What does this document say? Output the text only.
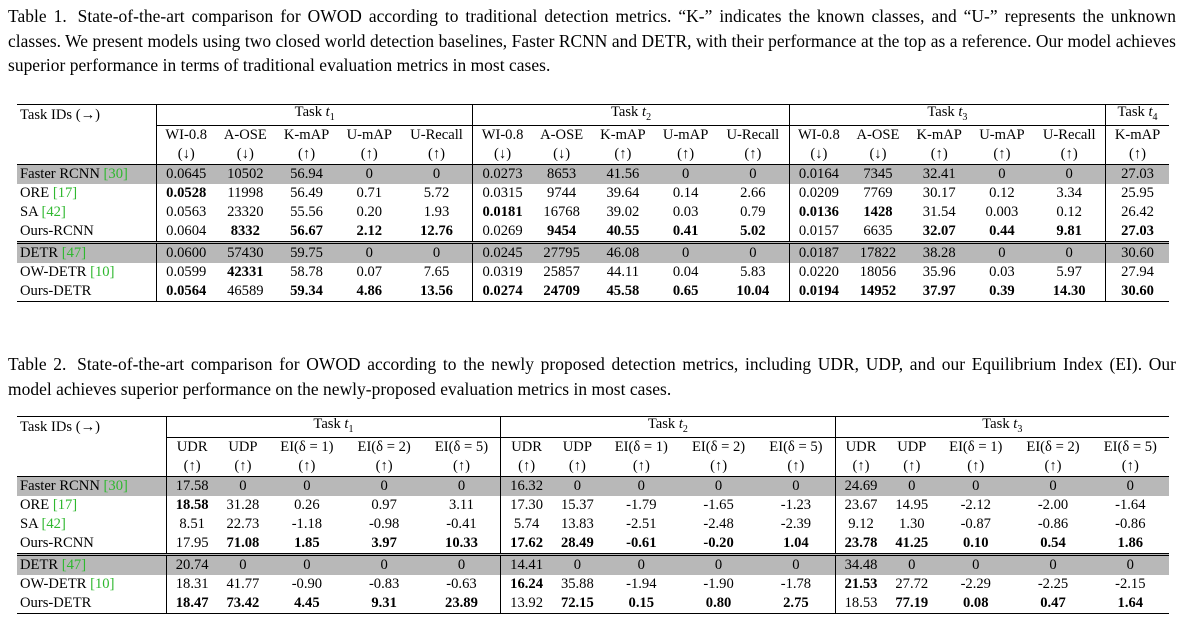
Table 1. State-of-the-art comparison for OWOD according to traditional detection metrics. “K-” indicates the known classes, and “U-” represents the unknown classes. We present models using two closed world detection baselines, Faster RCNN and DETR, with their performance at the top as a reference. Our model achieves superior performance in terms of traditional evaluation metrics in most cases.
Task IDs (→)	Task $t_1$					Task $t_2$					Task $t_3$					Task $t_4$
	WI-0.8	A-OSE	K-mAP	U-mAP	U-Recall	WI-0.8	A-OSE	K-mAP	U-mAP	U-Recall	WI-0.8	A-OSE	K-mAP	U-mAP	U-Recall	K-mAP
	(↓)	(↓)	(↑)	(↑)	(↑)	(↓)	(↓)	(↑)	(↑)	(↑)	(↓)	(↓)	(↑)	(↑)	(↑)	(↑)
Faster RCNN [30]	0.0645	10502	56.94	0	0	0.0273	8653	41.56	0	0	0.0164	7345	32.41	0	0	27.03
ORE [17]	0.0528	11998	56.49	0.71	5.72	0.0315	9744	39.64	0.14	2.66	0.0209	7769	30.17	0.12	3.34	25.95
SA [42]	0.0563	23320	55.56	0.20	1.93	0.0181	16768	39.02	0.03	0.79	0.0136	1428	31.54	0.003	0.12	26.42
Ours-RCNN	0.0604	8332	56.67	2.12	12.76	0.0269	9454	40.55	0.41	5.02	0.0157	6635	32.07	0.44	9.81	27.03
DETR [47]	0.0600	57430	59.75	0	0	0.0245	27795	46.08	0	0	0.0187	17822	38.28	0	0	30.60
OW-DETR [10]	0.0599	42331	58.78	0.07	7.65	0.0319	25857	44.11	0.04	5.83	0.0220	18056	35.96	0.03	5.97	27.94
Ours-DETR	0.0564	46589	59.34	4.86	13.56	0.0274	24709	45.58	0.65	10.04	0.0194	14952	37.97	0.39	14.30	30.60
Table 2. State-of-the-art comparison for OWOD according to the newly proposed detection metrics, including UDR, UDP, and our Equilibrium Index (EI). Our model achieves superior performance on the newly-proposed evaluation metrics in most cases.
Task IDs (→)	Task $t_1$					Task $t_2$					Task $t_3$
	UDR	UDP	EI(δ = 1)	EI(δ = 2)	EI(δ = 5)	UDR	UDP	EI(δ = 1)	EI(δ = 2)	EI(δ = 5)	UDR	UDP	EI(δ = 1)	EI(δ = 2)	EI(δ = 5)
	(↑)	(↑)	(↑)	(↑)	(↑)	(↑)	(↑)	(↑)	(↑)	(↑)	(↑)	(↑)	(↑)	(↑)	(↑)
Faster RCNN [30]	17.58	0	0	0	0	16.32	0	0	0	0	24.69	0	0	0	0
ORE [17]	18.58	31.28	0.26	0.97	3.11	17.30	15.37	-1.79	-1.65	-1.23	23.67	14.95	-2.12	-2.00	-1.64
SA [42]	8.51	22.73	-1.18	-0.98	-0.41	5.74	13.83	-2.51	-2.48	-2.39	9.12	1.30	-0.87	-0.86	-0.86
Ours-RCNN	17.95	71.08	1.85	3.97	10.33	17.62	28.49	-0.61	-0.20	1.04	23.78	41.25	0.10	0.54	1.86
DETR [47]	20.74	0	0	0	0	14.41	0	0	0	0	34.48	0	0	0	0
OW-DETR [10]	18.31	41.77	-0.90	-0.83	-0.63	16.24	35.88	-1.94	-1.90	-1.78	21.53	27.72	-2.29	-2.25	-2.15
Ours-DETR	18.47	73.42	4.45	9.31	23.89	13.92	72.15	0.15	0.80	2.75	18.53	77.19	0.08	0.47	1.64
